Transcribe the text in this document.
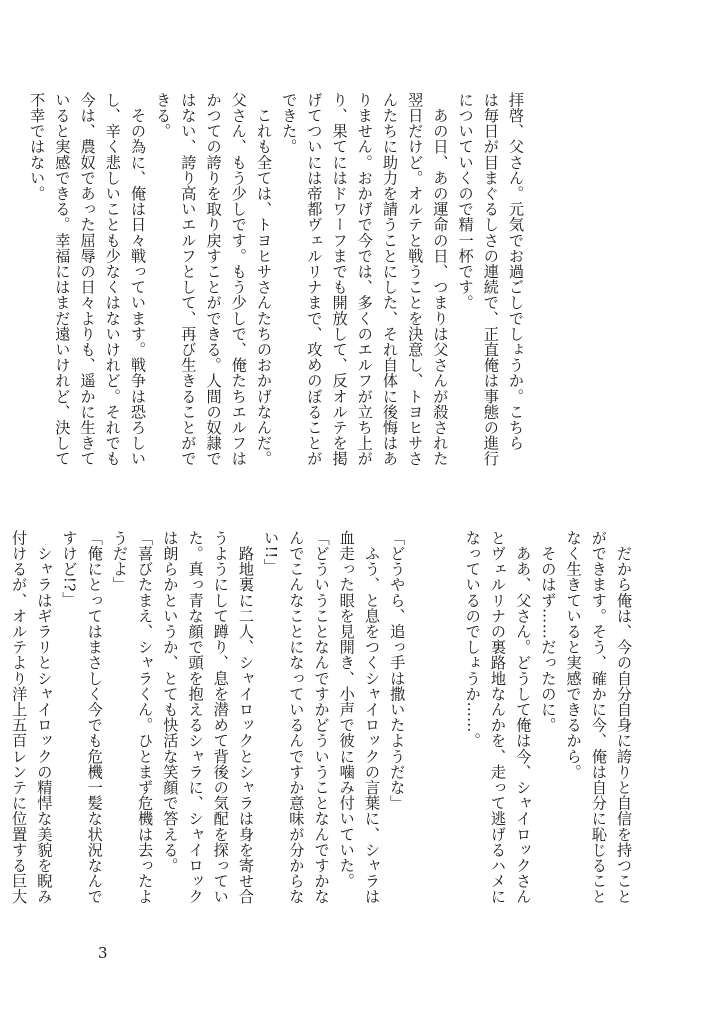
拝啓、父さん。元気でお過ごしでしょうか。こちら
は毎日が目まぐるしさの連続で、正直俺は事態の進行
についていくので精一杯です。
　あの日、あの運命の日、つまりは父さんが殺された
翌日だけど。オルテと戦うことを決意し、トヨヒサさ
んたちに助力を請うことにした、それ自体に後悔はあ
りません。おかげで今では、多くのエルフが立ち上が
り、果てにはドワーフまでも開放して、反オルテを掲
げてついには帝都ヴェルリナまで、攻めのぼることが
できた。
　これも全ては、トヨヒサさんたちのおかげなんだ。
父さん、もう少しです。もう少しで、俺たちエルフは
かつての誇りを取り戻すことができる。人間の奴隷で
はない、誇り高いエルフとして、再び生きることがで
きる。
　その為に、俺は日々戦っています。戦争は恐ろしい
し、辛く悲しいことも少なくはないけれど。それでも
今は、農奴であった屈辱の日々よりも、遥かに生きて
いると実感できる。幸福にはまだ遠いけれど、決して
不幸ではない。
　だから俺は、今の自分自身に誇りと自信を持つこと
ができます。そう、確かに今、俺は自分に恥じること
なく生きていると実感できるから。
　そのはず……だったのに。
　ああ、父さん。どうして俺は今、シャイロックさん
とヴェルリナの裏路地なんかを、走って逃げるハメに
なっているのでしょうか……。
「どうやら、追っ手は撒いたようだな」
　ふう、と息をつくシャイロックの言葉に、シャラは
血走った眼を見開き、小声で彼に噛み付いていた。
「どういうことなんですかどういうことなんですかな
んでこんなことになっているんですか意味が分からな
い!!」
　路地裏に二人、シャイロックとシャラは身を寄せ合
うようにして蹲り、息を潜めて背後の気配を探ってい
た。真っ青な顔で頭を抱えるシャラに、シャイロック
は朗らかというか、とても快活な笑顔で答える。
「喜びたまえ、シャラくん。ひとまず危機は去ったよ
うだよ」
「俺にとってはまさしく今でも危機一髪な状況なんで
すけど!?」
　シャラはギラリとシャイロックの精悍な美貌を睨み
付けるが、オルテより洋上五百レンテに位置する巨大
3
